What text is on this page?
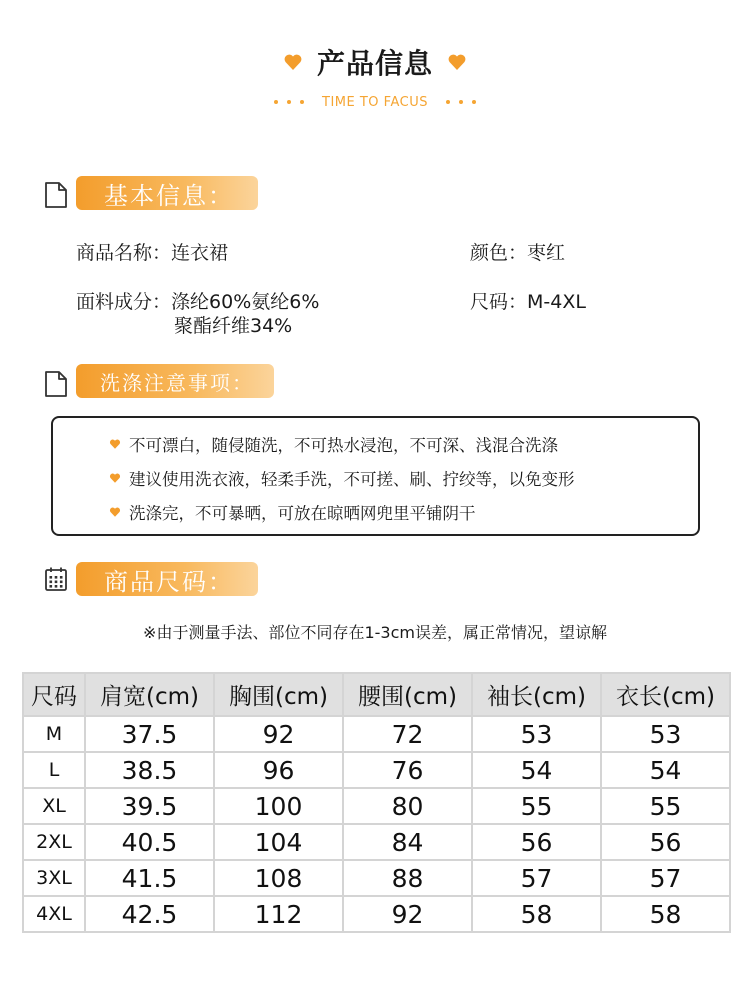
产品信息
TIME TO FACUS
基本信息：
商品名称：连衣裙	颜色：枣红
面料成分：涤纶60%氨纶6%
聚酯纤维34%
尺码：M-4XL
洗涤注意事项：
不可漂白，随侵随洗，不可热水浸泡，不可深、浅混合洗涤
建议使用洗衣液，轻柔手洗，不可搓、刷、拧绞等，以免变形
洗涤完，不可暴晒，可放在晾晒网兜里平铺阴干
商品尺码：
※由于测量手法、部位不同存在1-3cm误差，属正常情况，望谅解
尺码	肩宽(cm)	胸围(cm)	腰围(cm)	袖长(cm)	衣长(cm)
M	37.5	92	72	53	53
L	38.5	96	76	54	54
XL	39.5	100	80	55	55
2XL	40.5	104	84	56	56
3XL	41.5	108	88	57	57
4XL	42.5	112	92	58	58
